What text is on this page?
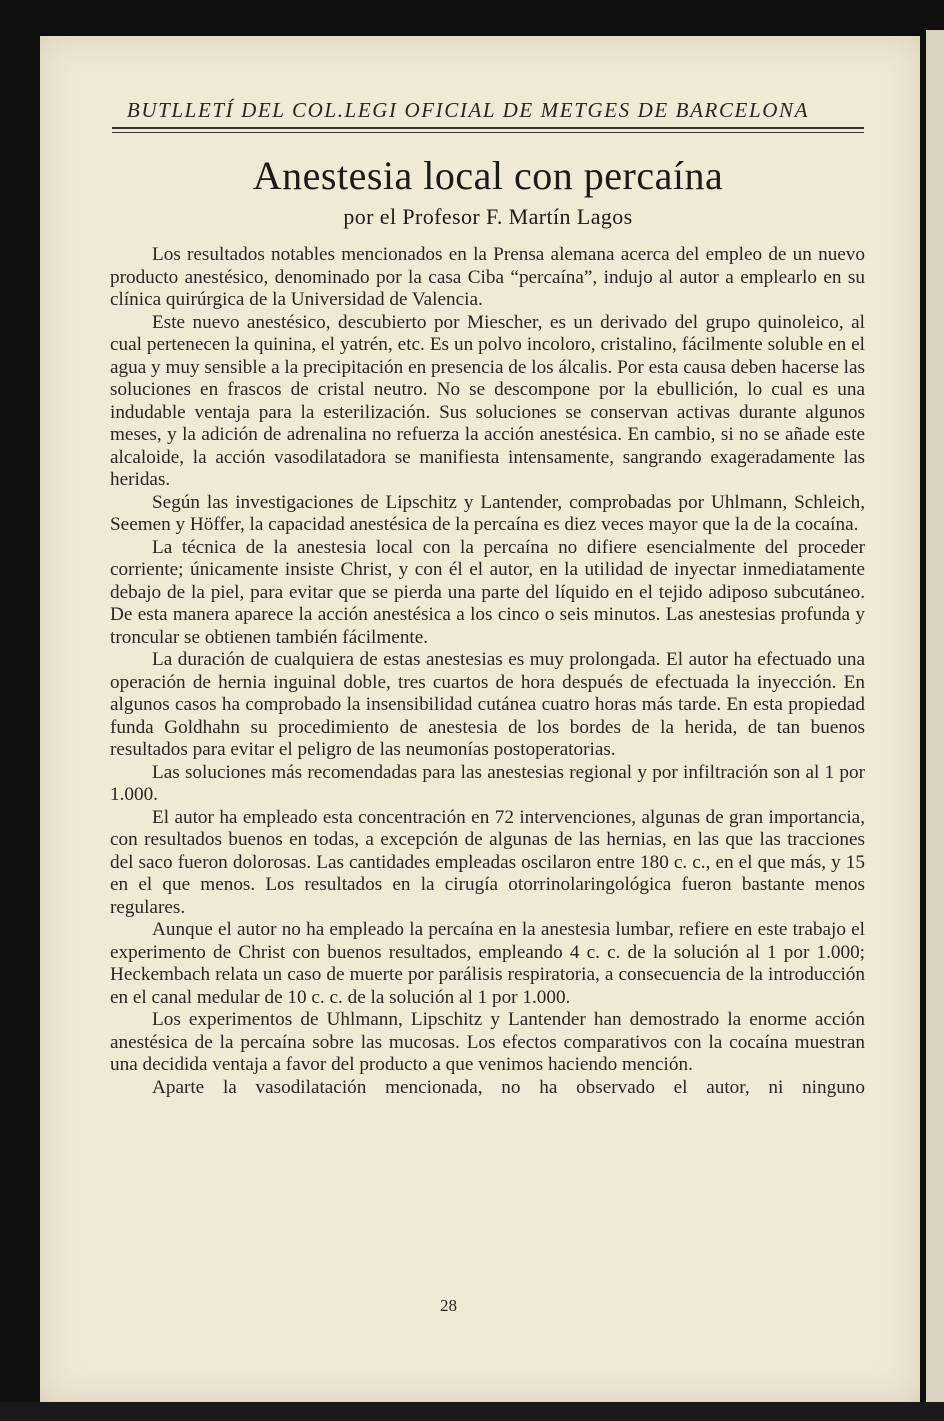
BUTLLETÍ DEL COL.LEGI OFICIAL DE METGES DE BARCELONA
Anestesia local con percaína
por el Profesor F. Martín Lagos

Los resultados notables mencionados en la Prensa alemana acerca del empleo de un nuevo producto anestésico, denominado por la casa Ciba “percaína”, indujo al autor a emplearlo en su clínica quirúrgica de la Universidad de Valencia.

Este nuevo anestésico, descubierto por Miescher, es un derivado del grupo quinoleico, al cual pertenecen la quinina, el yatrén, etc. Es un polvo incoloro, cristalino, fácilmente soluble en el agua y muy sensible a la precipitación en presencia de los álcalis. Por esta causa deben hacerse las soluciones en frascos de cristal neutro. No se descompone por la ebullición, lo cual es una indudable ventaja para la esterilización. Sus soluciones se conservan activas durante algunos meses, y la adición de adrenalina no refuerza la acción anestésica. En cambio, si no se añade este alcaloide, la acción vasodilatadora se manifiesta intensamente, sangrando exageradamente las heridas.

Según las investigaciones de Lipschitz y Lantender, comprobadas por Uhlmann, Schleich, Seemen y Höffer, la capacidad anestésica de la percaína es diez veces mayor que la de la cocaína.

La técnica de la anestesia local con la percaína no difiere esencialmente del proceder corriente; únicamente insiste Christ, y con él el autor, en la utilidad de inyectar inmediatamente debajo de la piel, para evitar que se pierda una parte del líquido en el tejido adiposo subcutáneo. De esta manera aparece la acción anestésica a los cinco o seis minutos. Las anestesias profunda y troncular se obtienen también fácilmente.

La duración de cualquiera de estas anestesias es muy prolongada. El autor ha efectuado una operación de hernia inguinal doble, tres cuartos de hora después de efectuada la inyección. En algunos casos ha comprobado la insensibilidad cutánea cuatro horas más tarde. En esta propiedad funda Goldhahn su procedimiento de anestesia de los bordes de la herida, de tan buenos resultados para evitar el peligro de las neumonías postoperatorias.

Las soluciones más recomendadas para las anestesias regional y por infiltración son al 1 por 1.000.

El autor ha empleado esta concentración en 72 intervenciones, algunas de gran importancia, con resultados buenos en todas, a excepción de algunas de las hernias, en las que las tracciones del saco fueron dolorosas. Las cantidades empleadas oscilaron entre 180 c. c., en el que más, y 15 en el que menos. Los resultados en la cirugía otorrinolaringológica fueron bastante menos regulares.

Aunque el autor no ha empleado la percaína en la anestesia lumbar, refiere en este trabajo el experimento de Christ con buenos resultados, empleando 4 c. c. de la solución al 1 por 1.000; Heckembach relata un caso de muerte por parálisis respiratoria, a consecuencia de la introducción en el canal medular de 10 c. c. de la solución al 1 por 1.000.

Los experimentos de Uhlmann, Lipschitz y Lantender han demostrado la enorme acción anestésica de la percaína sobre las mucosas. Los efectos comparativos con la cocaína muestran una decidida ventaja a favor del producto a que venimos haciendo mención.

Aparte la vasodilatación mencionada, no ha observado el autor, ni ninguno

28
